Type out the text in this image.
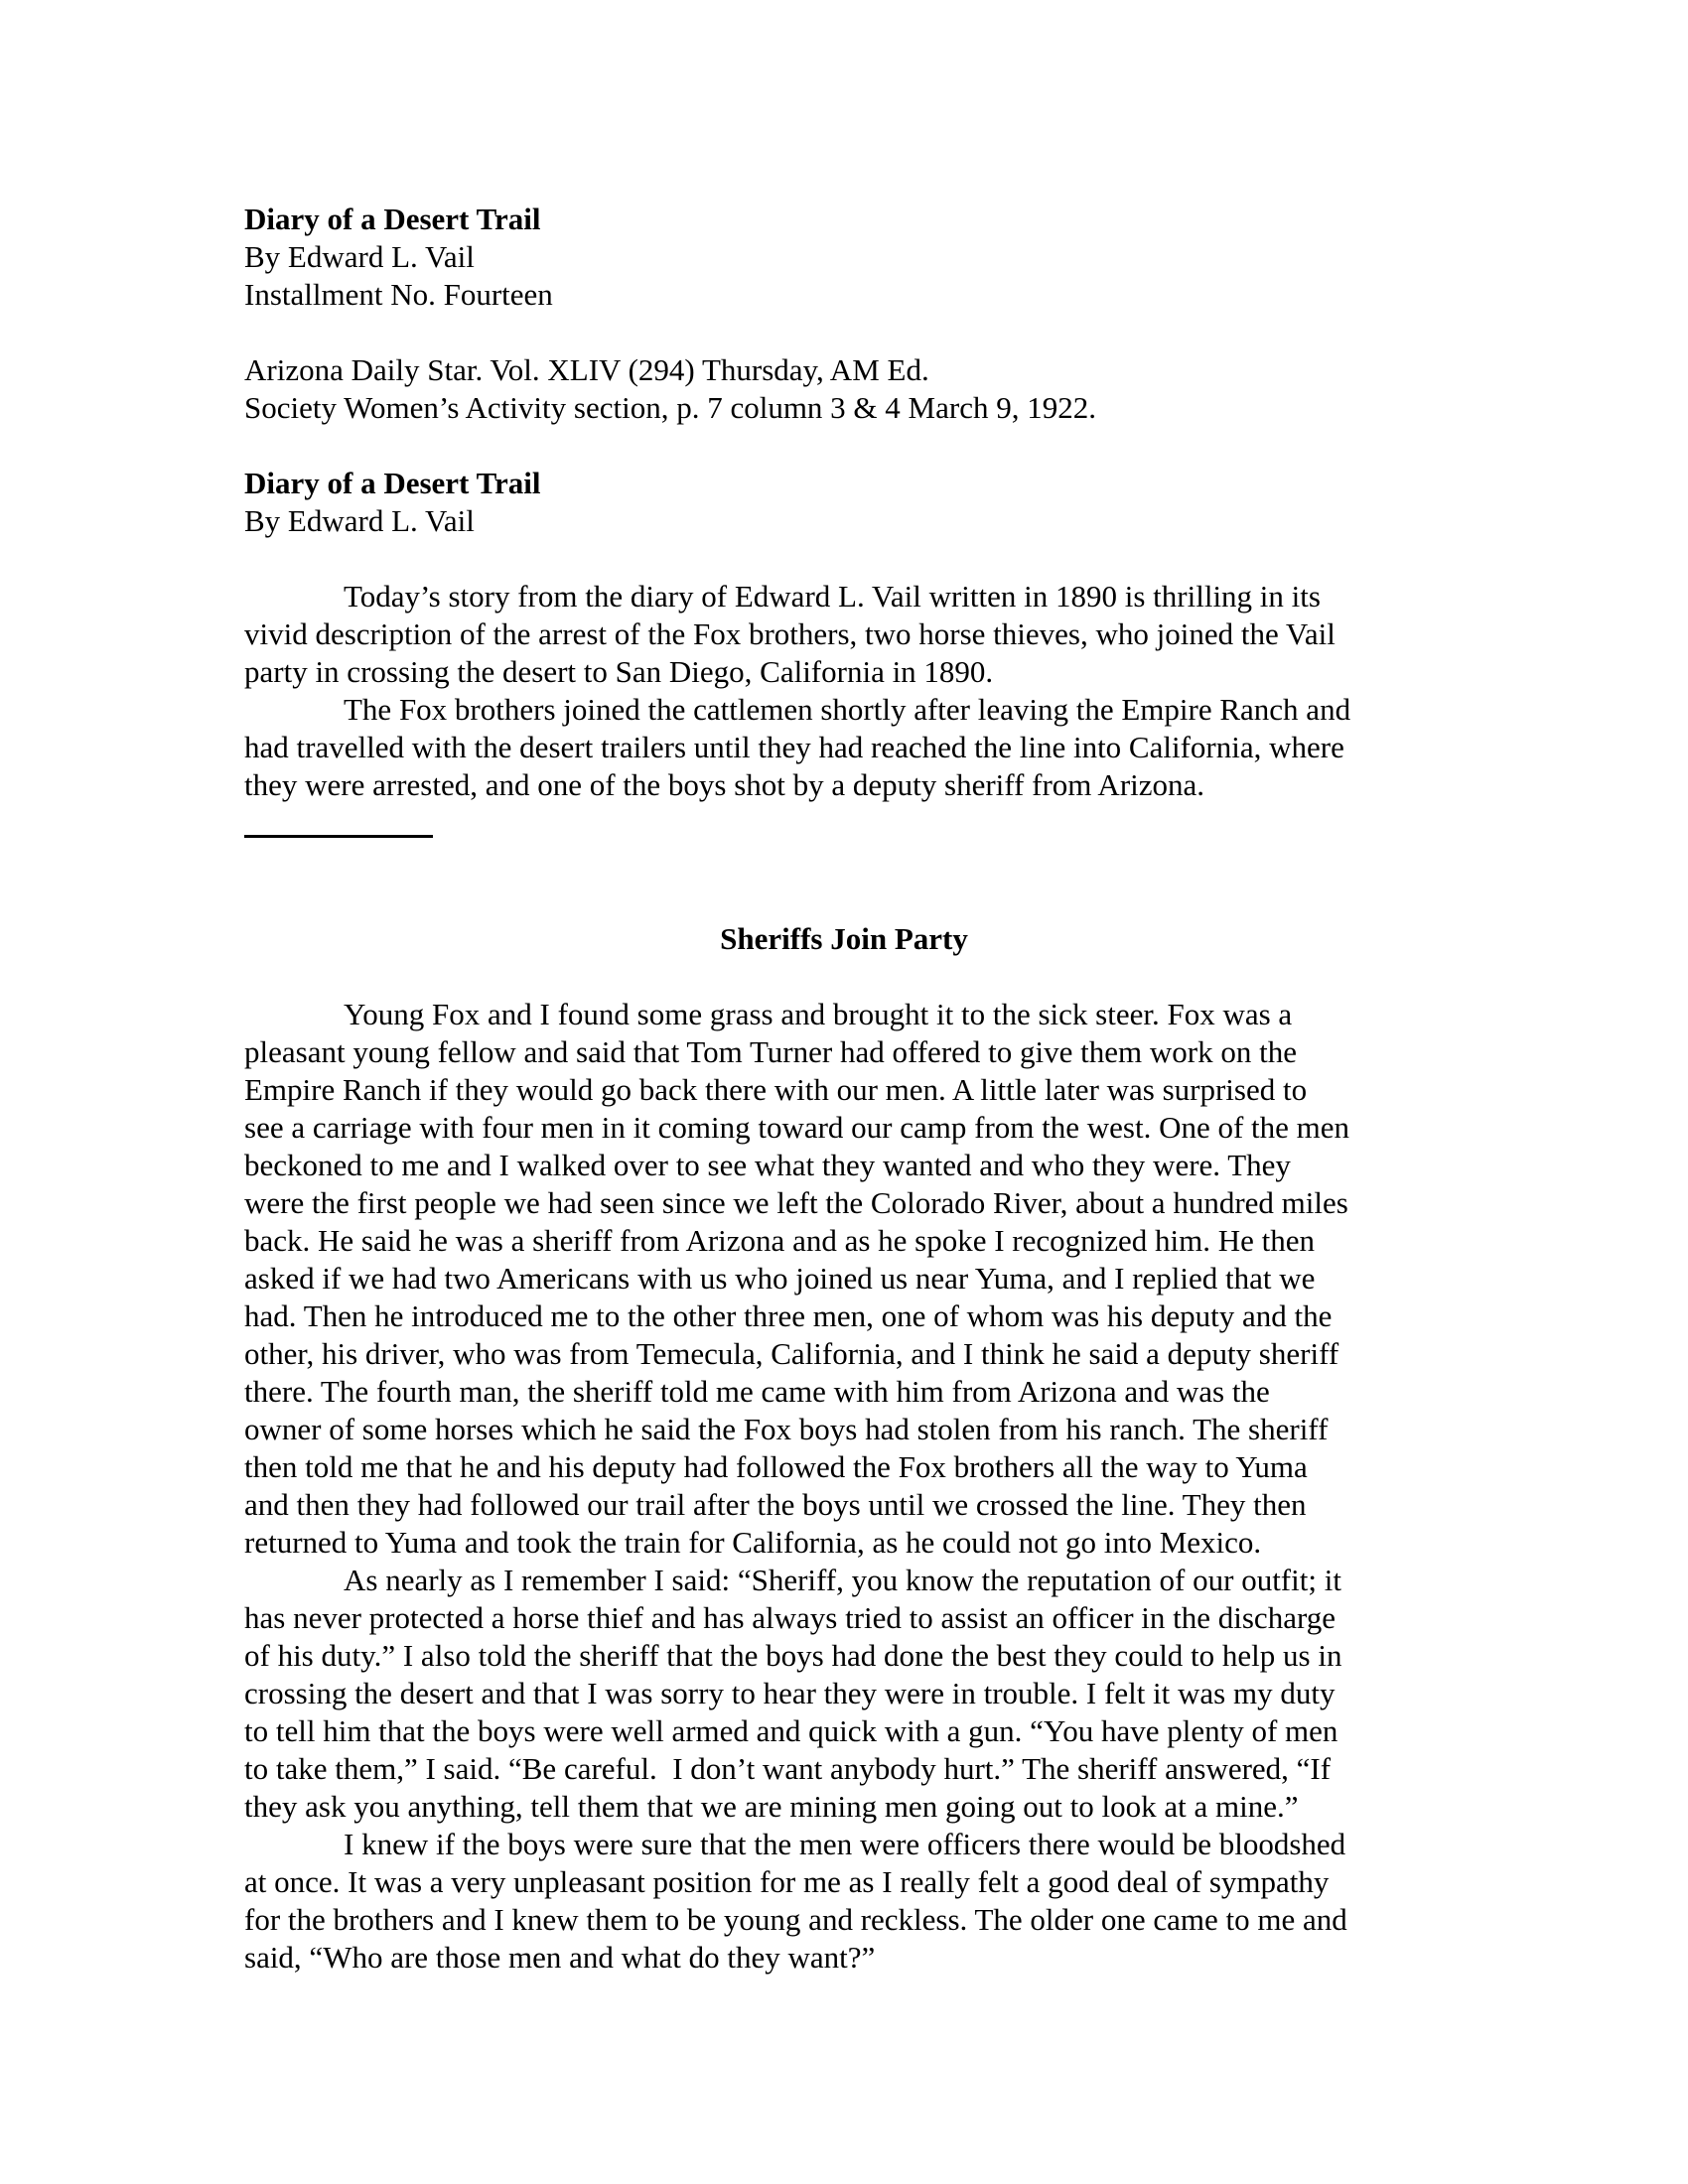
Diary of a Desert Trail
By Edward L. Vail
Installment No. Fourteen
Arizona Daily Star. Vol. XLIV (294) Thursday, AM Ed.
Society Women’s Activity section, p. 7 column 3 & 4 March 9, 1922.
Diary of a Desert Trail
By Edward L. Vail
Today’s story from the diary of Edward L. Vail written in 1890 is thrilling in its
vivid description of the arrest of the Fox brothers, two horse thieves, who joined the Vail
party in crossing the desert to San Diego, California in 1890.
The Fox brothers joined the cattlemen shortly after leaving the Empire Ranch and
had travelled with the desert trailers until they had reached the line into California, where
they were arrested, and one of the boys shot by a deputy sheriff from Arizona.
Sheriffs Join Party
Young Fox and I found some grass and brought it to the sick steer. Fox was a
pleasant young fellow and said that Tom Turner had offered to give them work on the
Empire Ranch if they would go back there with our men. A little later was surprised to
see a carriage with four men in it coming toward our camp from the west. One of the men
beckoned to me and I walked over to see what they wanted and who they were. They
were the first people we had seen since we left the Colorado River, about a hundred miles
back. He said he was a sheriff from Arizona and as he spoke I recognized him. He then
asked if we had two Americans with us who joined us near Yuma, and I replied that we
had. Then he introduced me to the other three men, one of whom was his deputy and the
other, his driver, who was from Temecula, California, and I think he said a deputy sheriff
there. The fourth man, the sheriff told me came with him from Arizona and was the
owner of some horses which he said the Fox boys had stolen from his ranch. The sheriff
then told me that he and his deputy had followed the Fox brothers all the way to Yuma
and then they had followed our trail after the boys until we crossed the line. They then
returned to Yuma and took the train for California, as he could not go into Mexico.
As nearly as I remember I said: “Sheriff, you know the reputation of our outfit; it
has never protected a horse thief and has always tried to assist an officer in the discharge
of his duty.” I also told the sheriff that the boys had done the best they could to help us in
crossing the desert and that I was sorry to hear they were in trouble. I felt it was my duty
to tell him that the boys were well armed and quick with a gun. “You have plenty of men
to take them,” I said. “Be careful.  I don’t want anybody hurt.” The sheriff answered, “If
they ask you anything, tell them that we are mining men going out to look at a mine.”
I knew if the boys were sure that the men were officers there would be bloodshed
at once. It was a very unpleasant position for me as I really felt a good deal of sympathy
for the brothers and I knew them to be young and reckless. The older one came to me and
said, “Who are those men and what do they want?”
